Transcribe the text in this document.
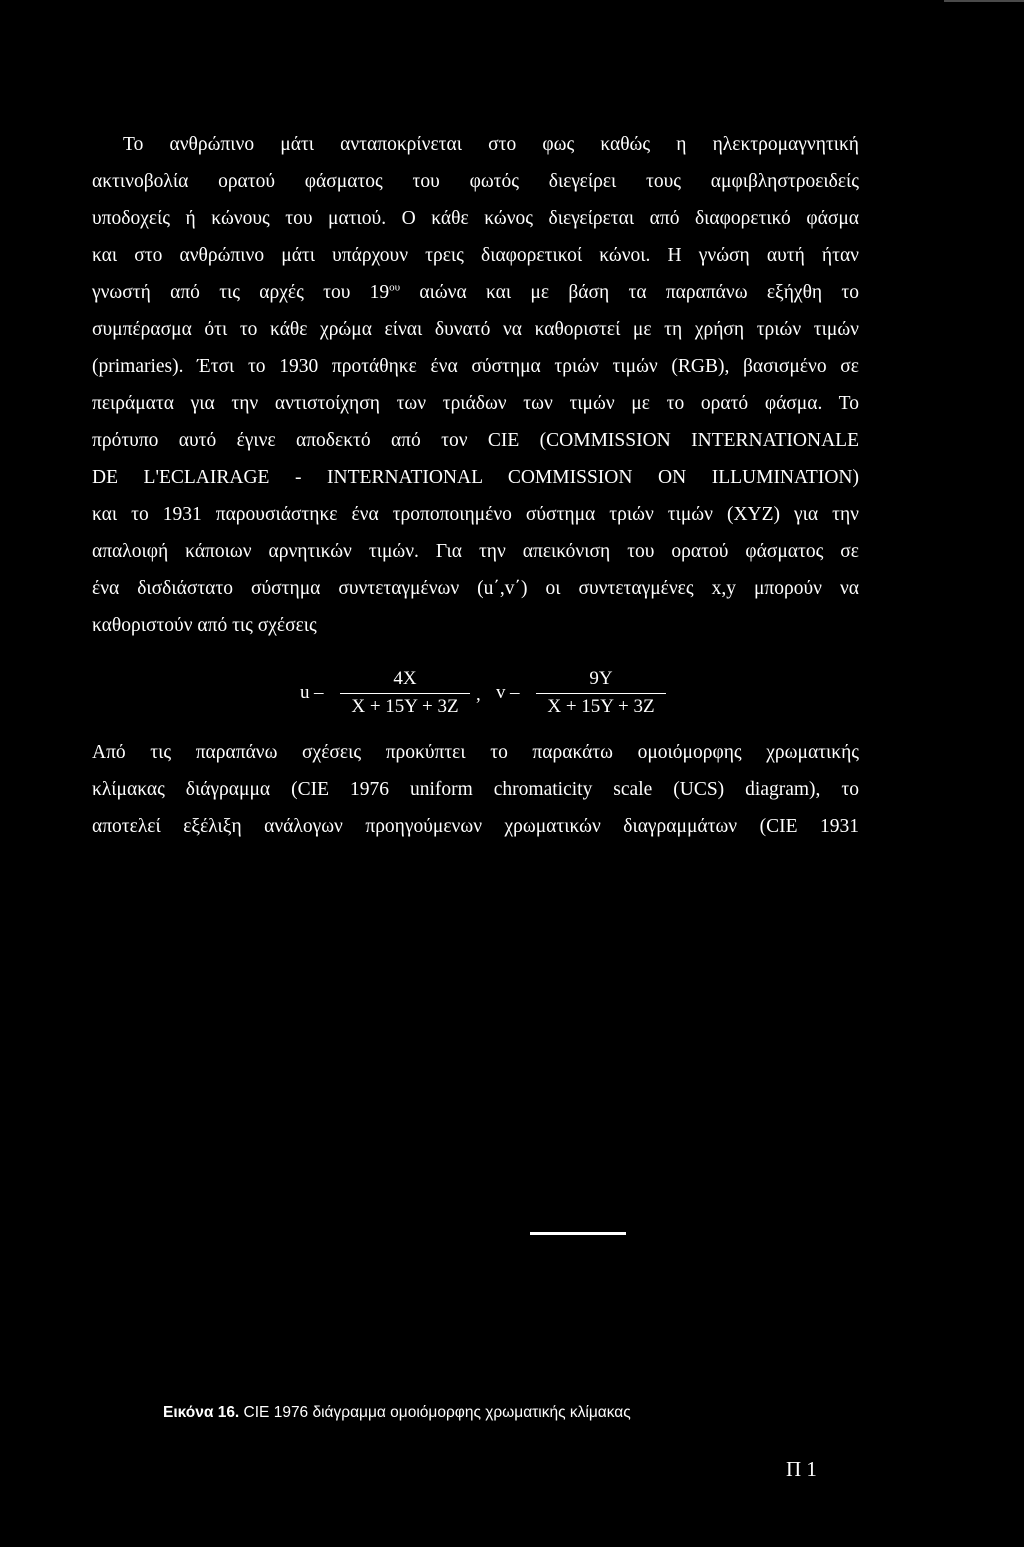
Το ανθρώπινο μάτι ανταποκρίνεται στο φως καθώς η ηλεκτρομαγνητική
ακτινοβολία ορατού φάσματος του φωτός διεγείρει τους αμφιβληστροειδείς
υποδοχείς ή κώνους του ματιού. Ο κάθε κώνος διεγείρεται από διαφορετικό φάσμα
και στο ανθρώπινο μάτι υπάρχουν τρεις διαφορετικοί κώνοι. Η γνώση αυτή ήταν
γνωστή από τις αρχές του $19^{o\upsilon}$ αιώνα και με βάση τα παραπάνω εξήχθη το
συμπέρασμα ότι το κάθε χρώμα είναι δυνατό να καθοριστεί με τη χρήση τριών τιμών
(primaries). Έτσι το 1930 προτάθηκε ένα σύστημα τριών τιμών (RGB), βασισμένο σε
πειράματα για την αντιστοίχηση των τριάδων των τιμών με το ορατό φάσμα. Το
πρότυπο αυτό έγινε αποδεκτό από τον CIE (COMMISSION INTERNATIONALE
DE L'ECLAIRAGE - INTERNATIONAL COMMISSION ON ILLUMINATION)
και το 1931 παρουσιάστηκε ένα τροποποιημένο σύστημα τριών τιμών (XYZ) για την
απαλοιφή κάποιων αρνητικών τιμών. Για την απεικόνιση του ορατού φάσματος σε
ένα δισδιάστατο σύστημα συντεταγμένων (u΄,v΄) οι συντεταγμένες x,y μπορούν να
καθοριστούν από τις σχέσεις
u –
4X
X + 15Y + 3Z
, v –
9Y
X + 15Y + 3Z
Από τις παραπάνω σχέσεις προκύπτει το παρακάτω ομοιόμορφης χρωματικής
κλίμακας διάγραμμα (CIE 1976 uniform chromaticity scale (UCS) diagram), το
αποτελεί εξέλιξη ανάλογων προηγούμενων χρωματικών διαγραμμάτων (CIE 1931
Εικόνα 16. CIE 1976 διάγραμμα ομοιόμορφης χρωματικής κλίμακας
Π 1
